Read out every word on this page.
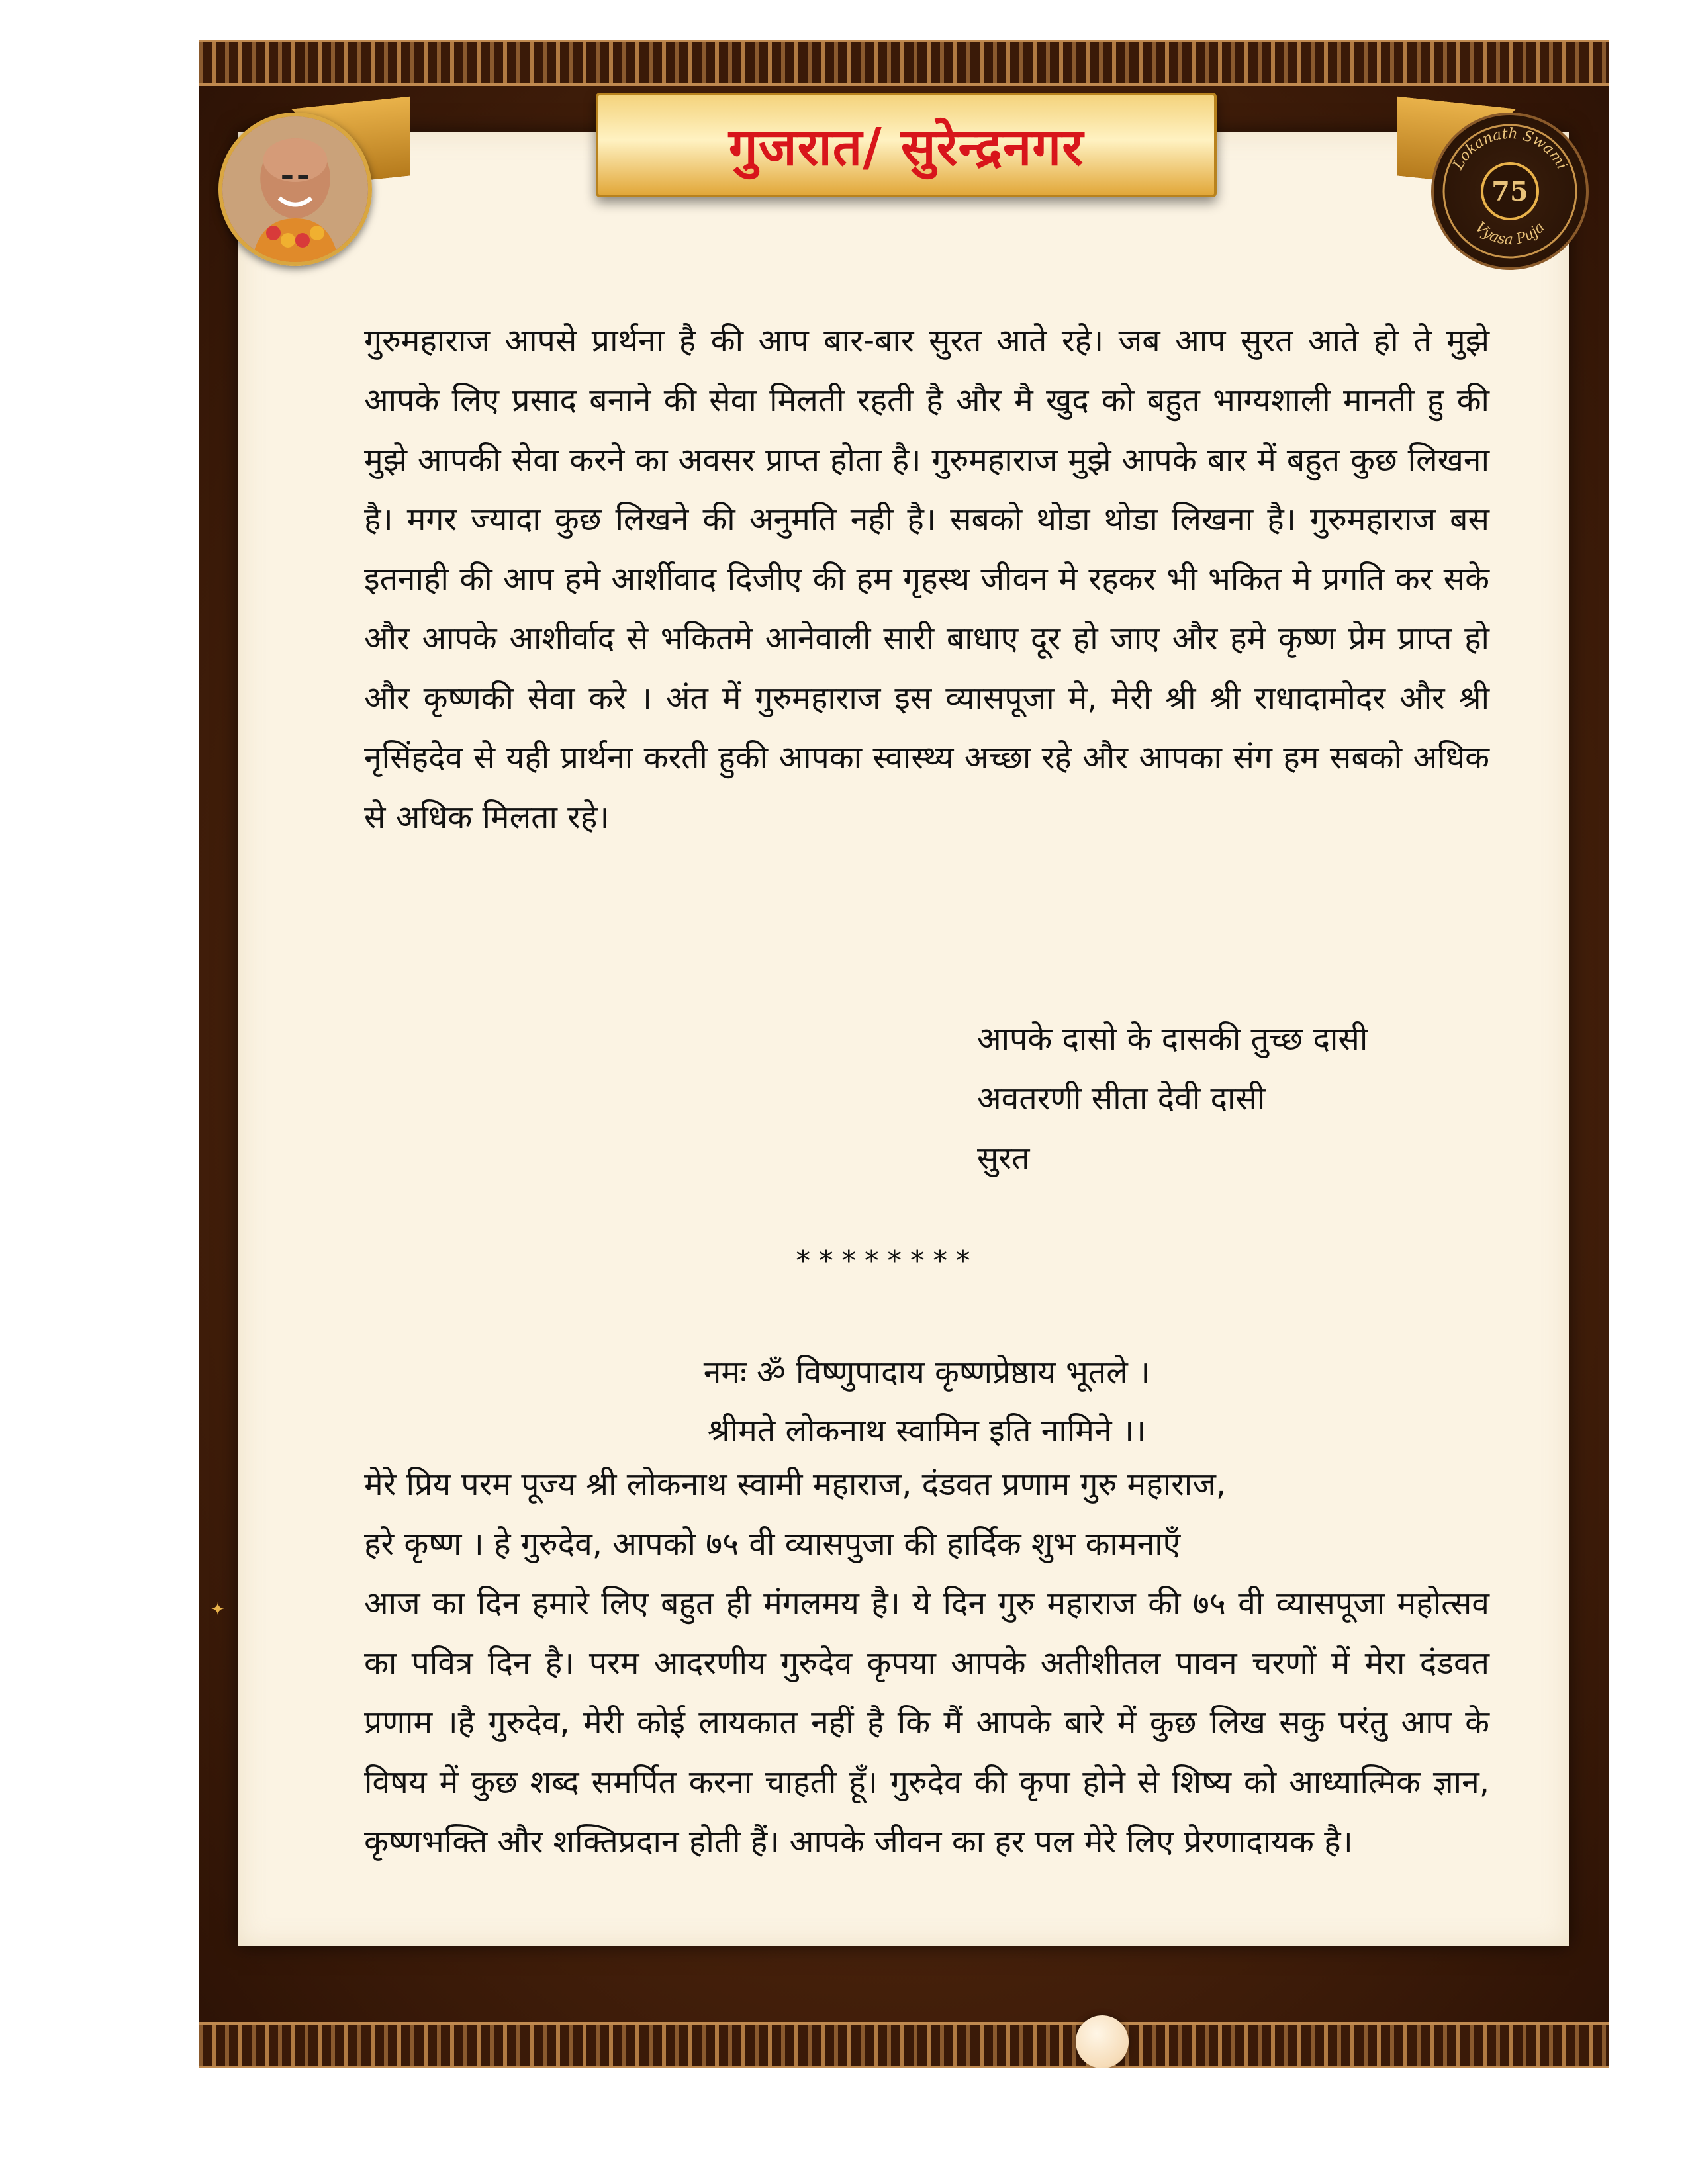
गुजरात/ सुरेन्द्रनगर	Lokanath Swami
75
Vyasa Puja
✦

गुरुमहाराज आपसे प्रार्थना है की आप बार-बार सुरत आते रहे। जब आप सुरत आते हो ते मुझे आपके लिए प्रसाद बनाने की सेवा मिलती रहती है और मै खुद को बहुत भाग्यशाली मानती हु की मुझे आपकी सेवा करने का अवसर प्राप्त होता है। गुरुमहाराज मुझे आपके बार में बहुत कुछ लिखना है। मगर ज्यादा कुछ लिखने की अनुमति नही है। सबको थोडा थोडा लिखना है। गुरुमहाराज बस इतनाही की आप हमे आर्शीवाद दिजीए की हम गृहस्थ जीवन मे रहकर भी भकित मे प्रगति कर सके और आपके आशीर्वाद से भकितमे आनेवाली सारी बाधाए दूर हो जाए और हमे कृष्ण प्रेम प्राप्त हो और कृष्णकी सेवा करे । अंत में गुरुमहाराज इस व्यासपूजा मे, मेरी श्री श्री राधादामोदर और श्री नृसिंहदेव से यही प्रार्थना करती हुकी आपका स्वास्थ्य अच्छा रहे और आपका संग हम सबको अधिक से अधिक मिलता रहे।

आपके दासो के दासकी तुच्छ दासी
अवतरणी सीता देवी दासी
सुरत
********
नमः ॐ विष्णुपादाय कृष्णप्रेष्ठाय भूतले ।
श्रीमते लोकनाथ स्वामिन इति नामिने ।।
मेरे प्रिय परम पूज्य श्री लोकनाथ स्वामी महाराज, दंडवत प्रणाम गुरु महाराज,
हरे कृष्ण । हे गुरुदेव, आपको ७५ वी व्यासपुजा की हार्दिक शुभ कामनाएँ

आज का दिन हमारे लिए बहुत ही मंगलमय है। ये दिन गुरु महाराज की ७५ वी व्यासपूजा महोत्सव का पवित्र दिन है। परम आदरणीय गुरुदेव कृपया आपके अतीशीतल पावन चरणों में मेरा दंडवत प्रणाम ।है गुरुदेव, मेरी कोई लायकात नहीं है कि मैं आपके बारे में कुछ लिख सकु परंतु आप के विषय में कुछ शब्द समर्पित करना चाहती हूँ। गुरुदेव की कृपा होने से शिष्य को आध्यात्मिक ज्ञान, कृष्णभक्ति और शक्तिप्रदान होती हैं। आपके जीवन का हर पल मेरे लिए प्रेरणादायक है।
